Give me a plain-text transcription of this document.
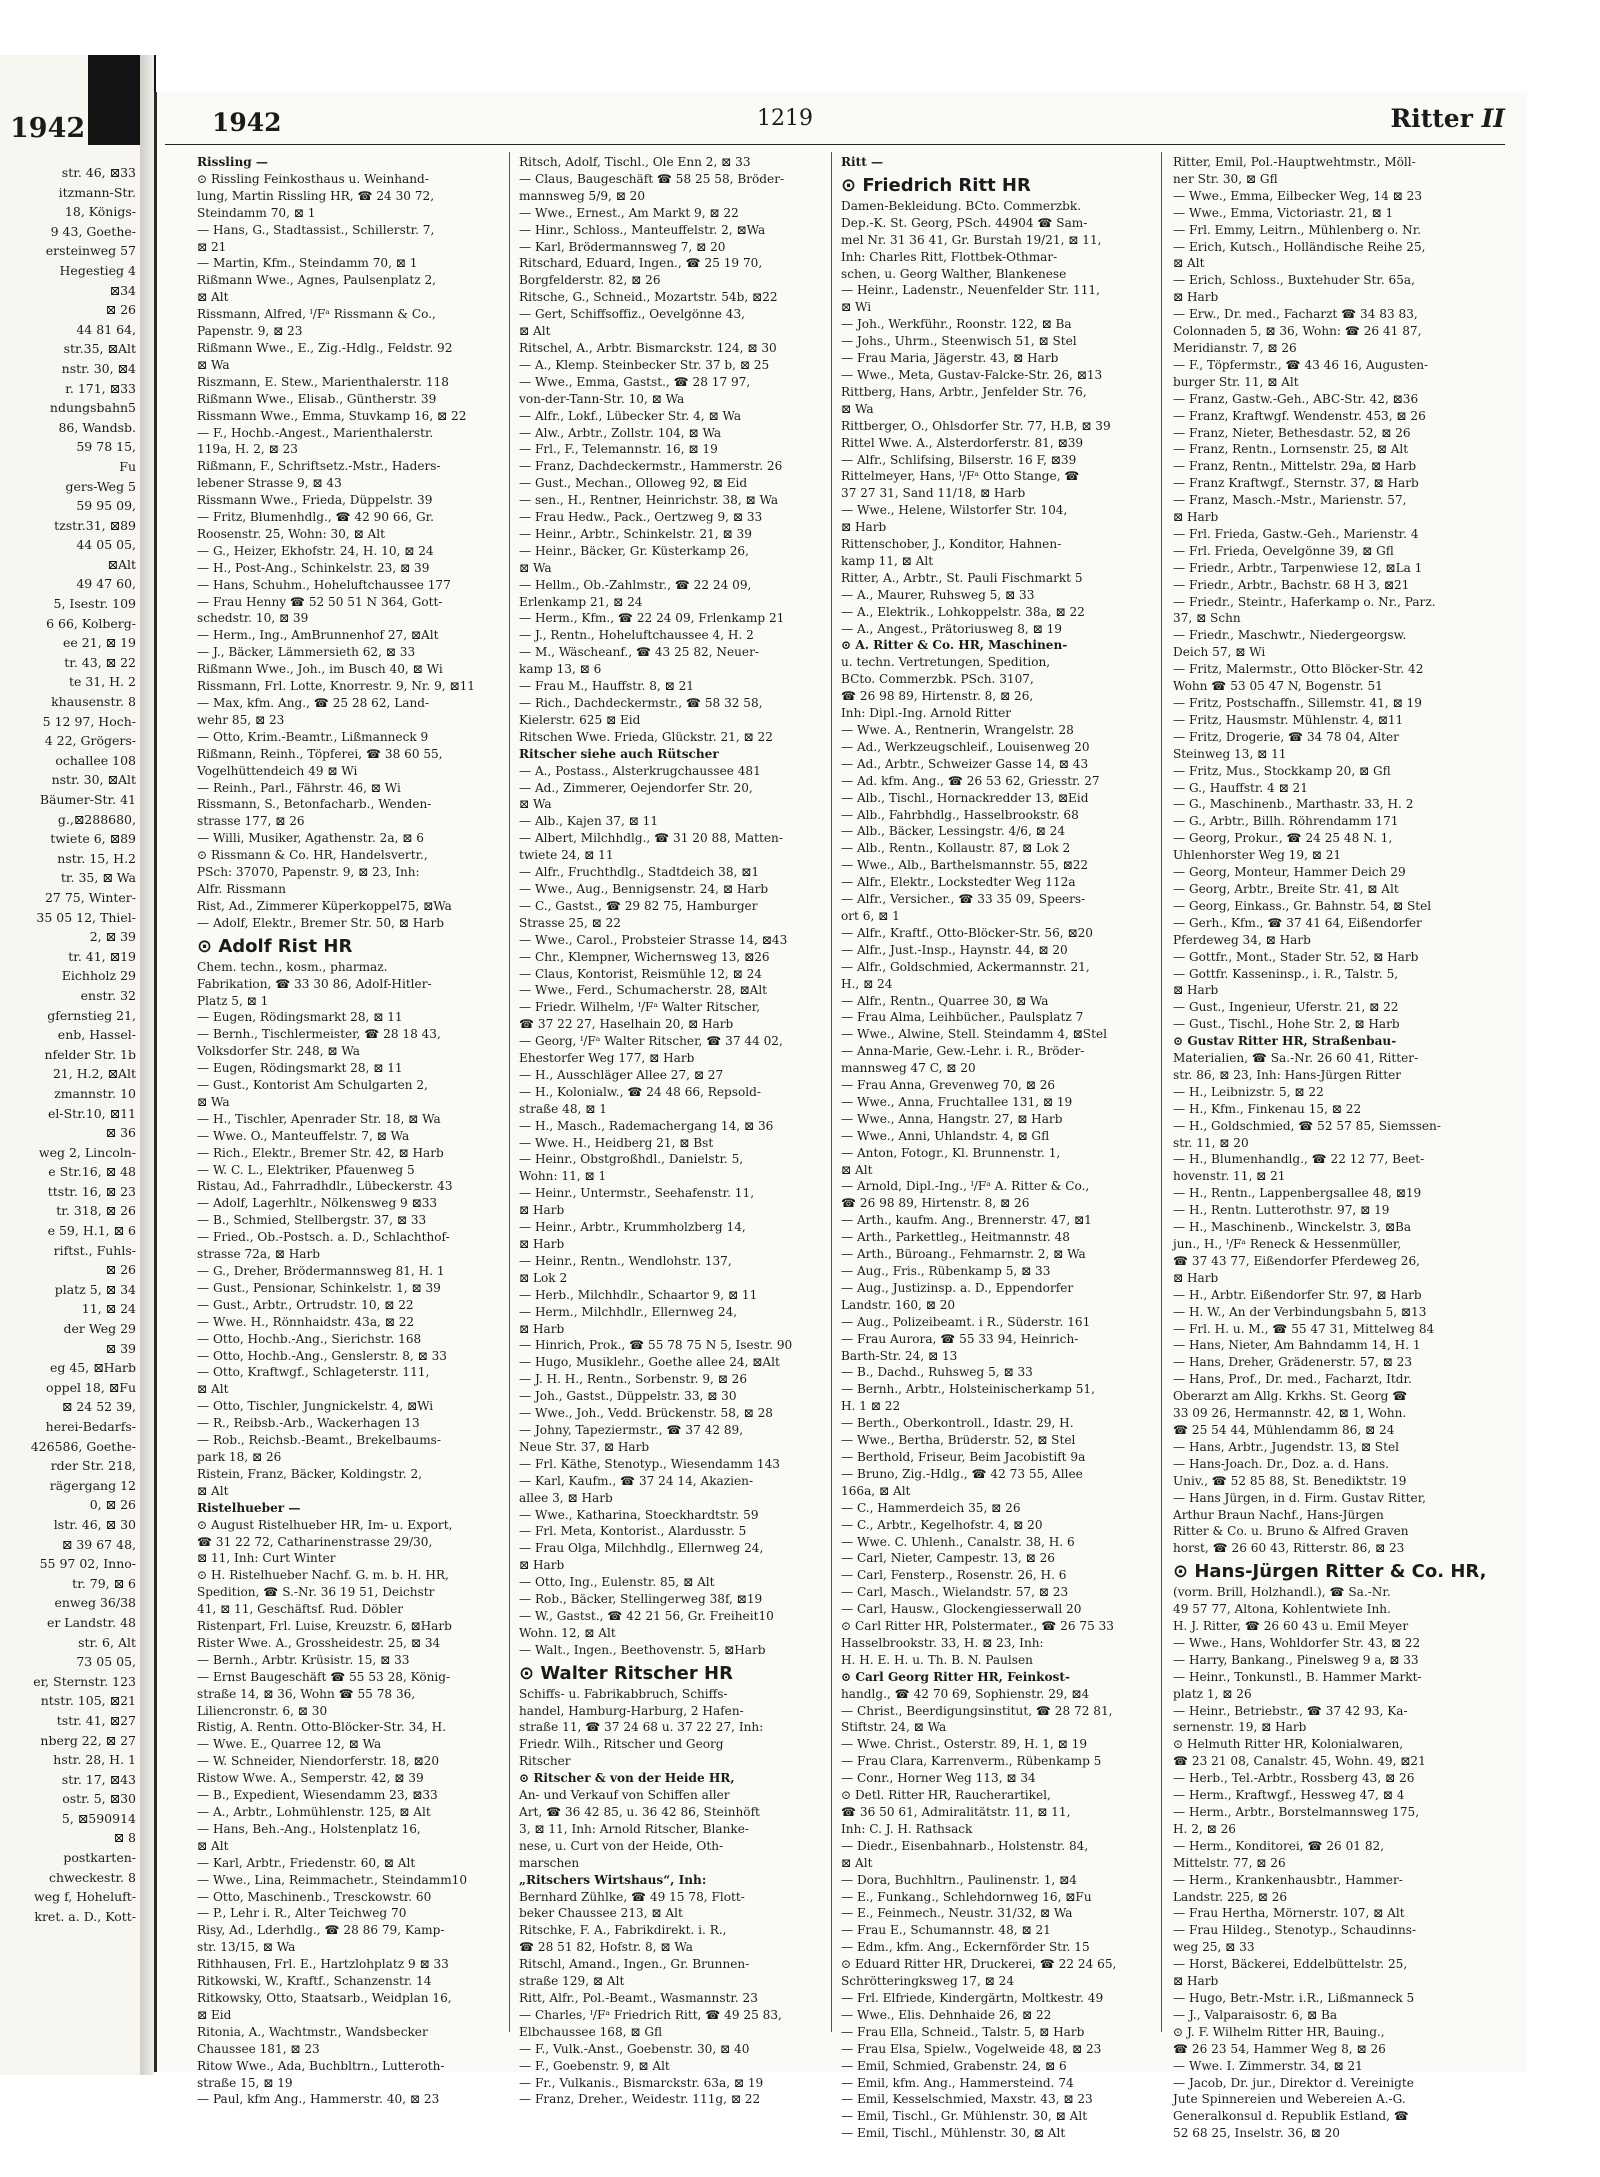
1942
str. 46, ⊠33
itzmann-Str.
18, Königs-
9 43, Goethe-
ersteinweg 57
Hegestieg 4
⊠34
⊠ 26
44 81 64,
str.35, ⊠Alt
nstr. 30, ⊠4
r. 171, ⊠33
ndungsbahn5
86, Wandsb.
59 78 15,
Fu
gers-Weg 5
59 95 09,
tzstr.31, ⊠89
44 05 05,
⊠Alt
49 47 60,
5, Isestr. 109
6 66, Kolberg-
ee 21, ⊠ 19
tr. 43, ⊠ 22
te 31, H. 2
khausenstr. 8
5 12 97, Hoch-
4 22, Grögers-
ochallee 108
nstr. 30, ⊠Alt
Bäumer-Str. 41
g.,⊠288680,
twiete 6, ⊠89
nstr. 15, H.2
tr. 35, ⊠ Wa
27 75, Winter-
35 05 12, Thiel-
2, ⊠ 39
tr. 41, ⊠19
Eichholz 29
enstr. 32
gfernstieg 21,
enb, Hassel-
nfelder Str. 1b
21, H.2, ⊠Alt
zmannstr. 10
el-Str.10, ⊠11
⊠ 36
weg 2, Lincoln-
e Str.16, ⊠ 48
ttstr. 16, ⊠ 23
tr. 318, ⊠ 26
e 59, H.1, ⊠ 6
riftst., Fuhls-
⊠ 26
platz 5, ⊠ 34
11, ⊠ 24
der Weg 29
⊠ 39
eg 45, ⊠Harb
oppel 18, ⊠Fu
⊠ 24 52 39,
herei-Bedarfs-
426586, Goethe-
rder Str. 218,
rägergang 12
0, ⊠ 26
lstr. 46, ⊠ 30
⊠ 39 67 48,
55 97 02, Inno-
tr. 79, ⊠ 6
enweg 36/38
er Landstr. 48
str. 6, Alt
73 05 05,
er, Sternstr. 123
ntstr. 105, ⊠21
tstr. 41, ⊠27
nberg 22, ⊠ 27
hstr. 28, H. 1
str. 17, ⊠43
ostr. 5, ⊠30
5, ⊠590914
⊠ 8
postkarten-
chweckestr. 8
weg f, Hoheluft-
kret. a. D., Kott-
1942	1219	Ritter II
Rissling —
⊙ Rissling Feinkosthaus u. Weinhand-
lung, Martin Rissling HR, ☎ 24 30 72,
Steindamm 70, ⊠ 1
— Hans, G., Stadtassist., Schillerstr. 7,
⊠ 21
— Martin, Kfm., Steindamm 70, ⊠ 1
Rißmann Wwe., Agnes, Paulsenplatz 2,
⊠ Alt
Rissmann, Alfred, ᴵ/Fᵃ Rissmann & Co.,
Papenstr. 9, ⊠ 23
Rißmann Wwe., E., Zig.-Hdlg., Feldstr. 92
⊠ Wa
Riszmann, E. Stew., Marienthalerstr. 118
Rißmann Wwe., Elisab., Güntherstr. 39
Rissmann Wwe., Emma, Stuvkamp 16, ⊠ 22
— F., Hochb.-Angest., Marienthalerstr.
119a, H. 2, ⊠ 23
Rißmann, F., Schriftsetz.-Mstr., Haders-
lebener Strasse 9, ⊠ 43
Rissmann Wwe., Frieda, Düppelstr. 39
— Fritz, Blumenhdlg., ☎ 42 90 66, Gr.
Roosenstr. 25, Wohn: 30, ⊠ Alt
— G., Heizer, Ekhofstr. 24, H. 10, ⊠ 24
— H., Post-Ang., Schinkelstr. 23, ⊠ 39
— Hans, Schuhm., Hoheluftchaussee 177
— Frau Henny ☎ 52 50 51 N 364, Gott-
schedstr. 10, ⊠ 39
— Herm., Ing., AmBrunnenhof 27, ⊠Alt
— J., Bäcker, Lämmersieth 62, ⊠ 33
Rißmann Wwe., Joh., im Busch 40, ⊠ Wi
Rissmann, Frl. Lotte, Knorrestr. 9, Nr. 9, ⊠11
— Max, kfm. Ang., ☎ 25 28 62, Land-
wehr 85, ⊠ 23
— Otto, Krim.-Beamtr., Lißmanneck 9
Rißmann, Reinh., Töpferei, ☎ 38 60 55,
Vogelhüttendeich 49 ⊠ Wi
— Reinh., Parl., Fährstr. 46, ⊠ Wi
Rissmann, S., Betonfacharb., Wenden-
strasse 177, ⊠ 26
— Willi, Musiker, Agathenstr. 2a, ⊠ 6
⊙ Rissmann & Co. HR, Handelsvertr.,
PSch: 37070, Papenstr. 9, ⊠ 23, Inh:
Alfr. Rissmann
Rist, Ad., Zimmerer Küperkoppel75, ⊠Wa
— Adolf, Elektr., Bremer Str. 50, ⊠ Harb
⊙ Adolf Rist HR
Chem. techn., kosm., pharmaz.
Fabrikation, ☎ 33 30 86, Adolf-Hitler-
Platz 5, ⊠ 1
— Eugen, Rödingsmarkt 28, ⊠ 11
— Bernh., Tischlermeister, ☎ 28 18 43,
Volksdorfer Str. 248, ⊠ Wa
— Eugen, Rödingsmarkt 28, ⊠ 11
— Gust., Kontorist Am Schulgarten 2,
⊠ Wa
— H., Tischler, Apenrader Str. 18, ⊠ Wa
— Wwe. O., Manteuffelstr. 7, ⊠ Wa
— Rich., Elektr., Bremer Str. 42, ⊠ Harb
— W. C. L., Elektriker, Pfauenweg 5
Ristau, Ad., Fahrradhdlr., Lübeckerstr. 43
— Adolf, Lagerhltr., Nölkensweg 9 ⊠33
— B., Schmied, Stellbergstr. 37, ⊠ 33
— Fried., Ob.-Postsch. a. D., Schlachthof-
strasse 72a, ⊠ Harb
— G., Dreher, Brödermannsweg 81, H. 1
— Gust., Pensionar, Schinkelstr. 1, ⊠ 39
— Gust., Arbtr., Ortrudstr. 10, ⊠ 22
— Wwe. H., Rönnhaidstr. 43a, ⊠ 22
— Otto, Hochb.-Ang., Sierichstr. 168
— Otto, Hochb.-Ang., Genslerstr. 8, ⊠ 33
— Otto, Kraftwgf., Schlageterstr. 111,
⊠ Alt
— Otto, Tischler, Jungnickelstr. 4, ⊠Wi
— R., Reibsb.-Arb., Wackerhagen 13
— Rob., Reichsb.-Beamt., Brekelbaums-
park 18, ⊠ 26
Ristein, Franz, Bäcker, Koldingstr. 2,
⊠ Alt
Ristelhueber —
⊙ August Ristelhueber HR, Im- u. Export,
☎ 31 22 72, Catharinenstrasse 29/30,
⊠ 11, Inh: Curt Winter
⊙ H. Ristelhueber Nachf. G. m. b. H. HR,
Spedition, ☎ S.-Nr. 36 19 51, Deichstr
41, ⊠ 11, Geschäftsf. Rud. Döbler
Ristenpart, Frl. Luise, Kreuzstr. 6, ⊠Harb
Rister Wwe. A., Grossheidestr. 25, ⊠ 34
— Bernh., Arbtr. Krüsistr. 15, ⊠ 33
— Ernst Baugeschäft ☎ 55 53 28, König-
straße 14, ⊠ 36, Wohn ☎ 55 78 36,
Liliencronstr. 6, ⊠ 30
Ristig, A. Rentn. Otto-Blöcker-Str. 34, H.
— Wwe. E., Quarree 12, ⊠ Wa
— W. Schneider, Niendorferstr. 18, ⊠20
Ristow Wwe. A., Semperstr. 42, ⊠ 39
— B., Expedient, Wiesendamm 23, ⊠33
— A., Arbtr., Lohmühlenstr. 125, ⊠ Alt
— Hans, Beh.-Ang., Holstenplatz 16,
⊠ Alt
— Karl, Arbtr., Friedenstr. 60, ⊠ Alt
— Wwe., Lina, Reimmachetr., Steindamm10
— Otto, Maschinenb., Tresckowstr. 60
— P., Lehr i. R., Alter Teichweg 70
Risy, Ad., Lderhdlg., ☎ 28 86 79, Kamp-
str. 13/15, ⊠ Wa
Rithhausen, Frl. E., Hartzlohplatz 9 ⊠ 33
Ritkowski, W., Kraftf., Schanzenstr. 14
Ritkowsky, Otto, Staatsarb., Weidplan 16,
⊠ Eid
Ritonia, A., Wachtmstr., Wandsbecker
Chaussee 181, ⊠ 23
Ritow Wwe., Ada, Buchbltrn., Lutteroth-
straße 15, ⊠ 19
— Paul, kfm Ang., Hammerstr. 40, ⊠ 23
Ritsch, Adolf, Tischl., Ole Enn 2, ⊠ 33
— Claus, Baugeschäft ☎ 58 25 58, Bröder-
mannsweg 5/9, ⊠ 20
— Wwe., Ernest., Am Markt 9, ⊠ 22
— Hinr., Schloss., Manteuffelstr. 2, ⊠Wa
— Karl, Brödermannsweg 7, ⊠ 20
Ritschard, Eduard, Ingen., ☎ 25 19 70,
Borgfelderstr. 82, ⊠ 26
Ritsche, G., Schneid., Mozartstr. 54b, ⊠22
— Gert, Schiffsoffiz., Oevelgönne 43,
⊠ Alt
Ritschel, A., Arbtr. Bismarckstr. 124, ⊠ 30
— A., Klemp. Steinbecker Str. 37 b, ⊠ 25
— Wwe., Emma, Gastst., ☎ 28 17 97,
von-der-Tann-Str. 10, ⊠ Wa
— Alfr., Lokf., Lübecker Str. 4, ⊠ Wa
— Alw., Arbtr., Zollstr. 104, ⊠ Wa
— Frl., F., Telemannstr. 16, ⊠ 19
— Franz, Dachdeckermstr., Hammerstr. 26
— Gust., Mechan., Olloweg 92, ⊠ Eid
— sen., H., Rentner, Heinrichstr. 38, ⊠ Wa
— Frau Hedw., Pack., Oertzweg 9, ⊠ 33
— Heinr., Arbtr., Schinkelstr. 21, ⊠ 39
— Heinr., Bäcker, Gr. Küsterkamp 26,
⊠ Wa
— Hellm., Ob.-Zahlmstr., ☎ 22 24 09,
Erlenkamp 21, ⊠ 24
— Herm., Kfm., ☎ 22 24 09, Frlenkamp 21
— J., Rentn., Hoheluftchaussee 4, H. 2
— M., Wäscheanf., ☎ 43 25 82, Neuer-
kamp 13, ⊠ 6
— Frau M., Hauffstr. 8, ⊠ 21
— Rich., Dachdeckermstr., ☎ 58 32 58,
Kielerstr. 625 ⊠ Eid
Ritschen Wwe. Frieda, Glückstr. 21, ⊠ 22
Ritscher siehe auch Rütscher
— A., Postass., Alsterkrugchaussee 481
— Ad., Zimmerer, Oejendorfer Str. 20,
⊠ Wa
— Alb., Kajen 37, ⊠ 11
— Albert, Milchhdlg., ☎ 31 20 88, Matten-
twiete 24, ⊠ 11
— Alfr., Fruchthdlg., Stadtdeich 38, ⊠1
— Wwe., Aug., Bennigsenstr. 24, ⊠ Harb
— C., Gastst., ☎ 29 82 75, Hamburger
Strasse 25, ⊠ 22
— Wwe., Carol., Probsteier Strasse 14, ⊠43
— Chr., Klempner, Wichernsweg 13, ⊠26
— Claus, Kontorist, Reismühle 12, ⊠ 24
— Wwe., Ferd., Schumacherstr. 28, ⊠Alt
— Friedr. Wilhelm, ᴵ/Fᵃ Walter Ritscher,
☎ 37 22 27, Haselhain 20, ⊠ Harb
— Georg, ᴵ/Fᵃ Walter Ritscher, ☎ 37 44 02,
Ehestorfer Weg 177, ⊠ Harb
— H., Ausschläger Allee 27, ⊠ 27
— H., Kolonialw., ☎ 24 48 66, Repsold-
straße 48, ⊠ 1
— H., Masch., Rademachergang 14, ⊠ 36
— Wwe. H., Heidberg 21, ⊠ Bst
— Heinr., Obstgroßhdl., Danielstr. 5,
Wohn: 11, ⊠ 1
— Heinr., Untermstr., Seehafenstr. 11,
⊠ Harb
— Heinr., Arbtr., Krummholzberg 14,
⊠ Harb
— Heinr., Rentn., Wendlohstr. 137,
⊠ Lok 2
— Herb., Milchhdlr., Schaartor 9, ⊠ 11
— Herm., Milchhdlr., Ellernweg 24,
⊠ Harb
— Hinrich, Prok., ☎ 55 78 75 N 5, Isestr. 90
— Hugo, Musiklehr., Goethe allee 24, ⊠Alt
— J. H. H., Rentn., Sorbenstr. 9, ⊠ 26
— Joh., Gastst., Düppelstr. 33, ⊠ 30
— Wwe., Joh., Vedd. Brückenstr. 58, ⊠ 28
— Johny, Tapeziermstr., ☎ 37 42 89,
Neue Str. 37, ⊠ Harb
— Frl. Käthe, Stenotyp., Wiesendamm 143
— Karl, Kaufm., ☎ 37 24 14, Akazien-
allee 3, ⊠ Harb
— Wwe., Katharina, Stoeckhardtstr. 59
— Frl. Meta, Kontorist., Alardusstr. 5
— Frau Olga, Milchhdlg., Ellernweg 24,
⊠ Harb
— Otto, Ing., Eulenstr. 85, ⊠ Alt
— Rob., Bäcker, Stellingerweg 38f, ⊠19
— W., Gastst., ☎ 42 21 56, Gr. Freiheit10
Wohn. 12, ⊠ Alt
— Walt., Ingen., Beethovenstr. 5, ⊠Harb
⊙ Walter Ritscher HR
Schiffs- u. Fabrikabbruch, Schiffs-
handel, Hamburg-Harburg, 2 Hafen-
straße 11, ☎ 37 24 68 u. 37 22 27, Inh:
Friedr. Wilh., Ritscher und Georg
Ritscher
⊙ Ritscher & von der Heide HR,
An- und Verkauf von Schiffen aller
Art, ☎ 36 42 85, u. 36 42 86, Steinhöft
3, ⊠ 11, Inh: Arnold Ritscher, Blanke-
nese, u. Curt von der Heide, Oth-
marschen
„Ritschers Wirtshaus“, Inh:
Bernhard Zühlke, ☎ 49 15 78, Flott-
beker Chaussee 213, ⊠ Alt
Ritschke, F. A., Fabrikdirekt. i. R.,
☎ 28 51 82, Hofstr. 8, ⊠ Wa
Ritschl, Amand., Ingen., Gr. Brunnen-
straße 129, ⊠ Alt
Ritt, Alfr., Pol.-Beamt., Wasmannstr. 23
— Charles, ᴵ/Fᵃ Friedrich Ritt, ☎ 49 25 83,
Elbchaussee 168, ⊠ Gfl
— F., Vulk.-Anst., Goebenstr. 30, ⊠ 40
— F., Goebenstr. 9, ⊠ Alt
— Fr., Vulkanis., Bismarckstr. 63a, ⊠ 19
— Franz, Dreher., Weidestr. 111g, ⊠ 22
Ritt —
⊙ Friedrich Ritt HR
Damen-Bekleidung. BCto. Commerzbk.
Dep.-K. St. Georg, PSch. 44904 ☎ Sam-
mel Nr. 31 36 41, Gr. Burstah 19/21, ⊠ 11,
Inh: Charles Ritt, Flottbek-Othmar-
schen, u. Georg Walther, Blankenese
— Heinr., Ladenstr., Neuenfelder Str. 111,
⊠ Wi
— Joh., Werkführ., Roonstr. 122, ⊠ Ba
— Johs., Uhrm., Steenwisch 51, ⊠ Stel
— Frau Maria, Jägerstr. 43, ⊠ Harb
— Wwe., Meta, Gustav-Falcke-Str. 26, ⊠13
Rittberg, Hans, Arbtr., Jenfelder Str. 76,
⊠ Wa
Rittberger, O., Ohlsdorfer Str. 77, H.B, ⊠ 39
Rittel Wwe. A., Alsterdorferstr. 81, ⊠39
— Alfr., Schlifsing, Bilserstr. 16 F, ⊠39
Rittelmeyer, Hans, ᴵ/Fᵃ Otto Stange, ☎
37 27 31, Sand 11/18, ⊠ Harb
— Wwe., Helene, Wilstorfer Str. 104,
⊠ Harb
Rittenschober, J., Konditor, Hahnen-
kamp 11, ⊠ Alt
Ritter, A., Arbtr., St. Pauli Fischmarkt 5
— A., Maurer, Ruhsweg 5, ⊠ 33
— A., Elektrik., Lohkoppelstr. 38a, ⊠ 22
— A., Angest., Prätoriusweg 8, ⊠ 19
⊙ A. Ritter & Co. HR, Maschinen-
u. techn. Vertretungen, Spedition,
BCto. Commerzbk. PSch. 3107,
☎ 26 98 89, Hirtenstr. 8, ⊠ 26,
Inh: Dipl.-Ing. Arnold Ritter
— Wwe. A., Rentnerin, Wrangelstr. 28
— Ad., Werkzeugschleif., Louisenweg 20
— Ad., Arbtr., Schweizer Gasse 14, ⊠ 43
— Ad. kfm. Ang., ☎ 26 53 62, Griesstr. 27
— Alb., Tischl., Hornackredder 13, ⊠Eid
— Alb., Fahrbhdlg., Hasselbrookstr. 68
— Alb., Bäcker, Lessingstr. 4/6, ⊠ 24
— Alb., Rentn., Kollaustr. 87, ⊠ Lok 2
— Wwe., Alb., Barthelsmannstr. 55, ⊠22
— Alfr., Elektr., Lockstedter Weg 112a
— Alfr., Versicher., ☎ 33 35 09, Speers-
ort 6, ⊠ 1
— Alfr., Kraftf., Otto-Blöcker-Str. 56, ⊠20
— Alfr., Just.-Insp., Haynstr. 44, ⊠ 20
— Alfr., Goldschmied, Ackermannstr. 21,
H., ⊠ 24
— Alfr., Rentn., Quarree 30, ⊠ Wa
— Frau Alma, Leihbücher., Paulsplatz 7
— Wwe., Alwine, Stell. Steindamm 4, ⊠Stel
— Anna-Marie, Gew.-Lehr. i. R., Bröder-
mannsweg 47 C, ⊠ 20
— Frau Anna, Grevenweg 70, ⊠ 26
— Wwe., Anna, Fruchtallee 131, ⊠ 19
— Wwe., Anna, Hangstr. 27, ⊠ Harb
— Wwe., Anni, Uhlandstr. 4, ⊠ Gfl
— Anton, Fotogr., Kl. Brunnenstr. 1,
⊠ Alt
— Arnold, Dipl.-Ing., ᴵ/Fᵃ A. Ritter & Co.,
☎ 26 98 89, Hirtenstr. 8, ⊠ 26
— Arth., kaufm. Ang., Brennerstr. 47, ⊠1
— Arth., Parkettleg., Heitmannstr. 48
— Arth., Büroang., Fehmarnstr. 2, ⊠ Wa
— Aug., Fris., Rübenkamp 5, ⊠ 33
— Aug., Justizinsp. a. D., Eppendorfer
Landstr. 160, ⊠ 20
— Aug., Polizeibeamt. i R., Süderstr. 161
— Frau Aurora, ☎ 55 33 94, Heinrich-
Barth-Str. 24, ⊠ 13
— B., Dachd., Ruhsweg 5, ⊠ 33
— Bernh., Arbtr., Holsteinischerkamp 51,
H. 1 ⊠ 22
— Berth., Oberkontroll., Idastr. 29, H.
— Wwe., Bertha, Brüderstr. 52, ⊠ Stel
— Berthold, Friseur, Beim Jacobistift 9a
— Bruno, Zig.-Hdlg., ☎ 42 73 55, Allee
166a, ⊠ Alt
— C., Hammerdeich 35, ⊠ 26
— C., Arbtr., Kegelhofstr. 4, ⊠ 20
— Wwe. C. Uhlenh., Canalstr. 38, H. 6
— Carl, Nieter, Campestr. 13, ⊠ 26
— Carl, Fensterp., Rosenstr. 26, H. 6
— Carl, Masch., Wielandstr. 57, ⊠ 23
— Carl, Hausw., Glockengiesserwall 20
⊙ Carl Ritter HR, Polstermater., ☎ 26 75 33
Hasselbrookstr. 33, H. ⊠ 23, Inh:
H. H. E. H. u. Th. B. N. Paulsen
⊙ Carl Georg Ritter HR, Feinkost-
handlg., ☎ 42 70 69, Sophienstr. 29, ⊠4
— Christ., Beerdigungsinstitut, ☎ 28 72 81,
Stiftstr. 24, ⊠ Wa
— Wwe. Christ., Osterstr. 89, H. 1, ⊠ 19
— Frau Clara, Karrenverm., Rübenkamp 5
— Conr., Horner Weg 113, ⊠ 34
⊙ Detl. Ritter HR, Raucherartikel,
☎ 36 50 61, Admiralitätstr. 11, ⊠ 11,
Inh: C. J. H. Rathsack
— Diedr., Eisenbahnarb., Holstenstr. 84,
⊠ Alt
— Dora, Buchhltrn., Paulinenstr. 1, ⊠4
— E., Funkang., Schlehdornweg 16, ⊠Fu
— E., Feinmech., Neustr. 31/32, ⊠ Wa
— Frau E., Schumannstr. 48, ⊠ 21
— Edm., kfm. Ang., Eckernförder Str. 15
⊙ Eduard Ritter HR, Druckerei, ☎ 22 24 65,
Schrötteringksweg 17, ⊠ 24
— Frl. Elfriede, Kindergärtn, Moltkestr. 49
— Wwe., Elis. Dehnhaide 26, ⊠ 22
— Frau Ella, Schneid., Talstr. 5, ⊠ Harb
— Frau Elsa, Spielw., Vogelweide 48, ⊠ 23
— Emil, Schmied, Grabenstr. 24, ⊠ 6
— Emil, kfm. Ang., Hammersteind. 74
— Emil, Kesselschmied, Maxstr. 43, ⊠ 23
— Emil, Tischl., Gr. Mühlenstr. 30, ⊠ Alt
— Emil, Tischl., Mühlenstr. 30, ⊠ Alt
Ritter, Emil, Pol.-Hauptwehtmstr., Möll-
ner Str. 30, ⊠ Gfl
— Wwe., Emma, Eilbecker Weg, 14 ⊠ 23
— Wwe., Emma, Victoriastr. 21, ⊠ 1
— Frl. Emmy, Leitrn., Mühlenberg o. Nr.
— Erich, Kutsch., Holländische Reihe 25,
⊠ Alt
— Erich, Schloss., Buxtehuder Str. 65a,
⊠ Harb
— Erw., Dr. med., Facharzt ☎ 34 83 83,
Colonnaden 5, ⊠ 36, Wohn: ☎ 26 41 87,
Meridianstr. 7, ⊠ 26
— F., Töpfermstr., ☎ 43 46 16, Augusten-
burger Str. 11, ⊠ Alt
— Franz, Gastw.-Geh., ABC-Str. 42, ⊠36
— Franz, Kraftwgf. Wendenstr. 453, ⊠ 26
— Franz, Nieter, Bethesdastr. 52, ⊠ 26
— Franz, Rentn., Lornsenstr. 25, ⊠ Alt
— Franz, Rentn., Mittelstr. 29a, ⊠ Harb
— Franz Kraftwgf., Sternstr. 37, ⊠ Harb
— Franz, Masch.-Mstr., Marienstr. 57,
⊠ Harb
— Frl. Frieda, Gastw.-Geh., Marienstr. 4
— Frl. Frieda, Oevelgönne 39, ⊠ Gfl
— Friedr., Arbtr., Tarpenwiese 12, ⊠La 1
— Friedr., Arbtr., Bachstr. 68 H 3, ⊠21
— Friedr., Steintr., Haferkamp o. Nr., Parz.
37, ⊠ Schn
— Friedr., Maschwtr., Niedergeorgsw.
Deich 57, ⊠ Wi
— Fritz, Malermstr., Otto Blöcker-Str. 42
Wohn ☎ 53 05 47 N, Bogenstr. 51
— Fritz, Postschaffn., Sillemstr. 41, ⊠ 19
— Fritz, Hausmstr. Mühlenstr. 4, ⊠11
— Fritz, Drogerie, ☎ 34 78 04, Alter
Steinweg 13, ⊠ 11
— Fritz, Mus., Stockkamp 20, ⊠ Gfl
— G., Hauffstr. 4 ⊠ 21
— G., Maschinenb., Marthastr. 33, H. 2
— G., Arbtr., Billh. Röhrendamm 171
— Georg, Prokur., ☎ 24 25 48 N. 1,
Uhlenhorster Weg 19, ⊠ 21
— Georg, Monteur, Hammer Deich 29
— Georg, Arbtr., Breite Str. 41, ⊠ Alt
— Georg, Einkass., Gr. Bahnstr. 54, ⊠ Stel
— Gerh., Kfm., ☎ 37 41 64, Eißendorfer
Pferdeweg 34, ⊠ Harb
— Gottfr., Mont., Stader Str. 52, ⊠ Harb
— Gottfr. Kasseninsp., i. R., Talstr. 5,
⊠ Harb
— Gust., Ingenieur, Uferstr. 21, ⊠ 22
— Gust., Tischl., Hohe Str. 2, ⊠ Harb
⊙ Gustav Ritter HR, Straßenbau-
Materialien, ☎ Sa.-Nr. 26 60 41, Ritter-
str. 86, ⊠ 23, Inh: Hans-Jürgen Ritter
— H., Leibnizstr. 5, ⊠ 22
— H., Kfm., Finkenau 15, ⊠ 22
— H., Goldschmied, ☎ 52 57 85, Siemssen-
str. 11, ⊠ 20
— H., Blumenhandlg., ☎ 22 12 77, Beet-
hovenstr. 11, ⊠ 21
— H., Rentn., Lappenbergsallee 48, ⊠19
— H., Rentn. Lutterothstr. 97, ⊠ 19
— H., Maschinenb., Winckelstr. 3, ⊠Ba
jun., H., ᴵ/Fᵃ Reneck & Hessenmüller,
☎ 37 43 77, Eißendorfer Pferdeweg 26,
⊠ Harb
— H., Arbtr. Eißendorfer Str. 97, ⊠ Harb
— H. W., An der Verbindungsbahn 5, ⊠13
— Frl. H. u. M., ☎ 55 47 31, Mittelweg 84
— Hans, Nieter, Am Bahndamm 14, H. 1
— Hans, Dreher, Grädenerstr. 57, ⊠ 23
— Hans, Prof., Dr. med., Facharzt, Itdr.
Oberarzt am Allg. Krkhs. St. Georg ☎
33 09 26, Hermannstr. 42, ⊠ 1, Wohn.
☎ 25 54 44, Mühlendamm 86, ⊠ 24
— Hans, Arbtr., Jugendstr. 13, ⊠ Stel
— Hans-Joach. Dr., Doz. a. d. Hans.
Univ., ☎ 52 85 88, St. Benediktstr. 19
— Hans Jürgen, in d. Firm. Gustav Ritter,
Arthur Braun Nachf., Hans-Jürgen
Ritter & Co. u. Bruno & Alfred Graven
horst, ☎ 26 60 43, Ritterstr. 86, ⊠ 23
⊙ Hans-Jürgen Ritter & Co. HR,
(vorm. Brill, Holzhandl.), ☎ Sa.-Nr.
49 57 77, Altona, Kohlentwiete Inh.
H. J. Ritter, ☎ 26 60 43 u. Emil Meyer
— Wwe., Hans, Wohldorfer Str. 43, ⊠ 22
— Harry, Bankang., Pinelsweg 9 a, ⊠ 33
— Heinr., Tonkunstl., B. Hammer Markt-
platz 1, ⊠ 26
— Heinr., Betriebstr., ☎ 37 42 93, Ka-
sernenstr. 19, ⊠ Harb
⊙ Helmuth Ritter HR, Kolonialwaren,
☎ 23 21 08, Canalstr. 45, Wohn. 49, ⊠21
— Herb., Tel.-Arbtr., Rossberg 43, ⊠ 26
— Herm., Kraftwgf., Hessweg 47, ⊠ 4
— Herm., Arbtr., Borstelmannsweg 175,
H. 2, ⊠ 26
— Herm., Konditorei, ☎ 26 01 82,
Mittelstr. 77, ⊠ 26
— Herm., Krankenhausbtr., Hammer-
Landstr. 225, ⊠ 26
— Frau Hertha, Mörnerstr. 107, ⊠ Alt
— Frau Hildeg., Stenotyp., Schaudinns-
weg 25, ⊠ 33
— Horst, Bäckerei, Eddelbüttelstr. 25,
⊠ Harb
— Hugo, Betr.-Mstr. i.R., Lißmanneck 5
— J., Valparaisostr. 6, ⊠ Ba
⊙ J. F. Wilhelm Ritter HR, Bauing.,
☎ 26 23 54, Hammer Weg 8, ⊠ 26
— Wwe. I. Zimmerstr. 34, ⊠ 21
— Jacob, Dr. jur., Direktor d. Vereinigte
Jute Spinnereien und Webereien A.-G.
Generalkonsul d. Republik Estland, ☎
52 68 25, Inselstr. 36, ⊠ 20
